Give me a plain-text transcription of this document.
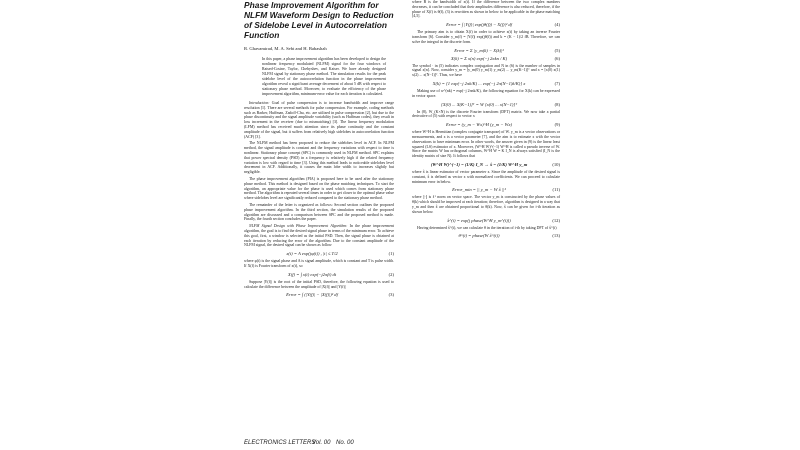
Phase Improvement Algorithm for NLFM Waveform Design to Reduction of Sidelobe Level in Autocorrelation Function
R. Ghavamirad, M. A. Sebt and H. Babashah
In this paper, a phase improvement algorithm has been developed to design the nonlinear frequency modulated (NLFM) signal for the four windows of Raised-Cosine, Taylor, Chebyshev, and Kaiser. We have already designed NLFM signal by stationary phase method. The simulation results for the peak sidelobe level of the autocorrelation function in the phase improvement algorithm reveal a significant average decrement of about 5 dB with respect to stationary phase method. Moreover, to evaluate the efficiency of the phase improvement algorithm, minimum-error value for each iteration is calculated.

Introduction: Goal of pulse compression is to increase bandwidth and improve range resolution [1]. There are several methods for pulse compression. For example, coding methods such as Barker, Huffman, Zadoff-Chu, etc. are utilized in pulse compression [2], but due to the phase discontinuity and the signal amplitude variability (such as Huffman codes), they result in loss increment in the receiver (due to mismatching) [3]. The linear frequency modulation (LFM) method has received much attention since its phase continuity and the constant amplitude of the signal, but it suffers from relatively high sidelobes in autocorrelation function (ACF) [3].

The NLFM method has been proposed to reduce the sidelobes level in ACF. In NLFM method, the signal amplitude is constant and the frequency variations with respect to time is nonlinear. Stationary phase concept (SPC) is commonly used in NLFM method. SPC explains that power spectral density (PSD) in a frequency is relatively high if the related frequency variation is low with regard to time [3]. Using this method leads to noticeable sidelobes level decrement in ACF. Additionally, it causes the main lobe width to increases slightly but negligible.

The phase improvement algorithm (PIA) is proposed here to be used after the stationary phase method. This method is designed based on the phase matching techniques. To start the algorithm, an appropriate value for the phase is used which comes from stationary phase method. The algorithm is repeated several times in order to get closer to the optimal phase value where sidelobes level are significantly reduced compared to the stationary phase method.

The remainder of the letter is organized as follows: Second section outlines the proposed phase improvement algorithm. In the third section, the simulation results of the proposed algorithm are discussed and a comparison between SPC and the proposed method is made. Finally, the fourth section concludes the paper.

NLFM Signal Design with Phase Improvement Algorithm: In the phase improvement algorithm, the goal is to find the desired signal phase in terms of the minimum error. To achieve this goal, first, a window is selected as the initial PSD. Then, the signal phase is obtained at each iteration by reducing the error of the algorithm. Due to the constant amplitude of the NLFM signal, the desired signal can be shown as follow

x(t) = A exp(jφ(t)) , |t| ≤ T/2	(1)

where φ(t) is the signal phase and A is signal amplitude, which is constant and T is pulse width. If X(f) is Fourier transform of x(t), so

X(f) = ∫ x(t) exp(−j2πft) dt	(2)

Suppose |Y(f)| is the root of the initial PSD, therefore, the following equation is used to calculate the difference between the amplitude of |X(f)| and |Y(f)|

Error = ∫ (|Y(f)| − |X(f)|)² df	(3)

where B is the bandwidth of x(t). If the difference between the two complex numbers decreases, it can be concluded that their amplitudes difference is also reduced, therefore, if the phase of X(f) is θ(f), (3) is rewritten as shown in below to be applicable in the phase matching [4,5].

Error = ∫ |Y(f)| exp(jθ(f)) − X(f)|² df	(4)

The primary aim is to obtain X(f) in order to achieve x(t) by taking an inverse Fourier transform [6]. Consider y_m(f) = |Y(f)| exp(jθ(f)) and k = (K − 1)/2 fB. Therefore, we can solve the integral in the discrete form.

Error = Σ |y_m(k) − X(k)|²	(5)
X(k) = Σ x(n) exp(−j 2πkn / K)	(6)

The symbol · in (5) indicates complex conjugation and N in (6) is the number of samples in signal x[n]. Now, consider y_m = [y_m(0) y_m(1) y_m(2) ... y_m(K−1)]ᵀ and x = [x(0) x(1) x(2) ... x(N−1)]ᵀ. Thus, we have

X(k) = [1 exp(−j 2πk/K) ... exp(−j 2π(N−1)k/K)] x	(7)

Making use of w^(nk) = exp(−j 2πnk/K), the following equation for X(k) can be expressed in vector space.

[X(0) ... X(K−1)]ᵀ = W [x(0) ... x(N−1)]ᵀ	(8)

In (8), W_(K×N) is the discrete Fourier transform (DFT) matrix. We now take a partial derivative of (5) with respect to vector x

Error = (y_m − Wx)^H (y_m − Wx)	(9)

where W^H is Hermitian (complex conjugate transpose) of W. y_m is a vector observations or measurements, and x is a vector parameter [7], and the aim is to estimate x with the vector observations to have minimum error. In other words, the answer given in (9) is the linear least squared (LS) estimator of x. Moreover, (W^H W)^(−1) W^H is called a pseudo inverse of W. Since the matrix W has orthogonal columns, W^H W = K I_N is always satisfied (I_N is the identity matrix of size N). It follows that

(W^H W)^(−1) = (1/K) I_N → x̂ = (1/K) W^H y_m	(10)

where x̂ is linear estimator of vector parameter x. Since the amplitude of the desired signal is constant, x̂ is defined as vector x with normalized coefficients. We can proceed to calculate minimum error in below.

Error_min = || y_m − W x̂ ||²	(11)

where ||·|| is ℓ² norm on vector space. The vector y_m is constructed by the phase values of θ(k) which should be improved at each iteration; therefore, algorithm is designed in a way that y_m and then x̂ are obtained proportional to θ(k). Now, x̂ can be given for i-th iteration as shown below.

x̂^(i) = exp(j phase(W^H y_m^(i)))	(12)

Having determined x̂^(i), we can calculate θ in the iteration of i-th by taking DFT of x̂^(i)

θ^(i) = phase(W x̂^(i))	(13)
ELECTRONICS LETTERS
Vol. 00 No. 00
